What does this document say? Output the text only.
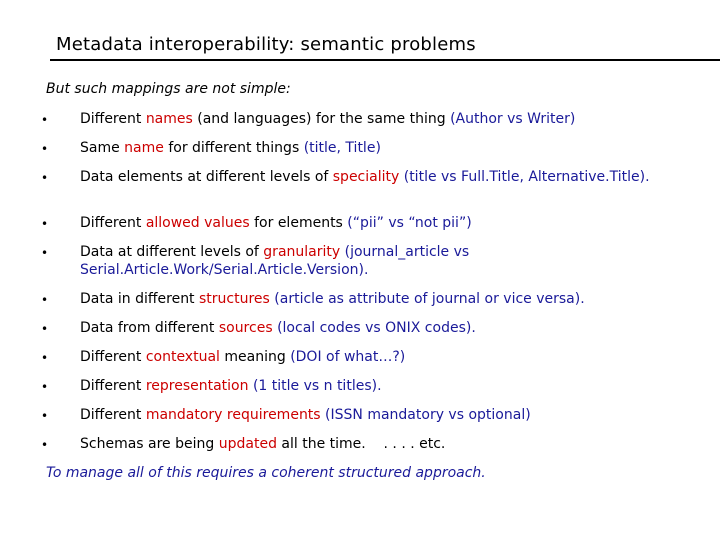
Metadata interoperability: semantic problems
But such mappings are not simple:
• Different names (and languages) for the same thing (Author vs Writer)
• Same name for different things (title, Title)
• Data elements at different levels of speciality (title vs Full.Title, Alternative.Title).
• Different allowed values for elements (“pii” vs “not pii”)
• Data at different levels of granularity (journal_article vs Serial.Article.Work/Serial.Article.Version).
• Data in different structures (article as attribute of journal or vice versa).
• Data from different sources (local codes vs ONIX codes).
• Different contextual meaning (DOI of what…?)
• Different representation (1 title vs n titles).
• Different mandatory requirements (ISSN mandatory vs optional)
• Schemas are being updated all the time.    . . . . etc.
To manage all of this requires a coherent structured approach.
